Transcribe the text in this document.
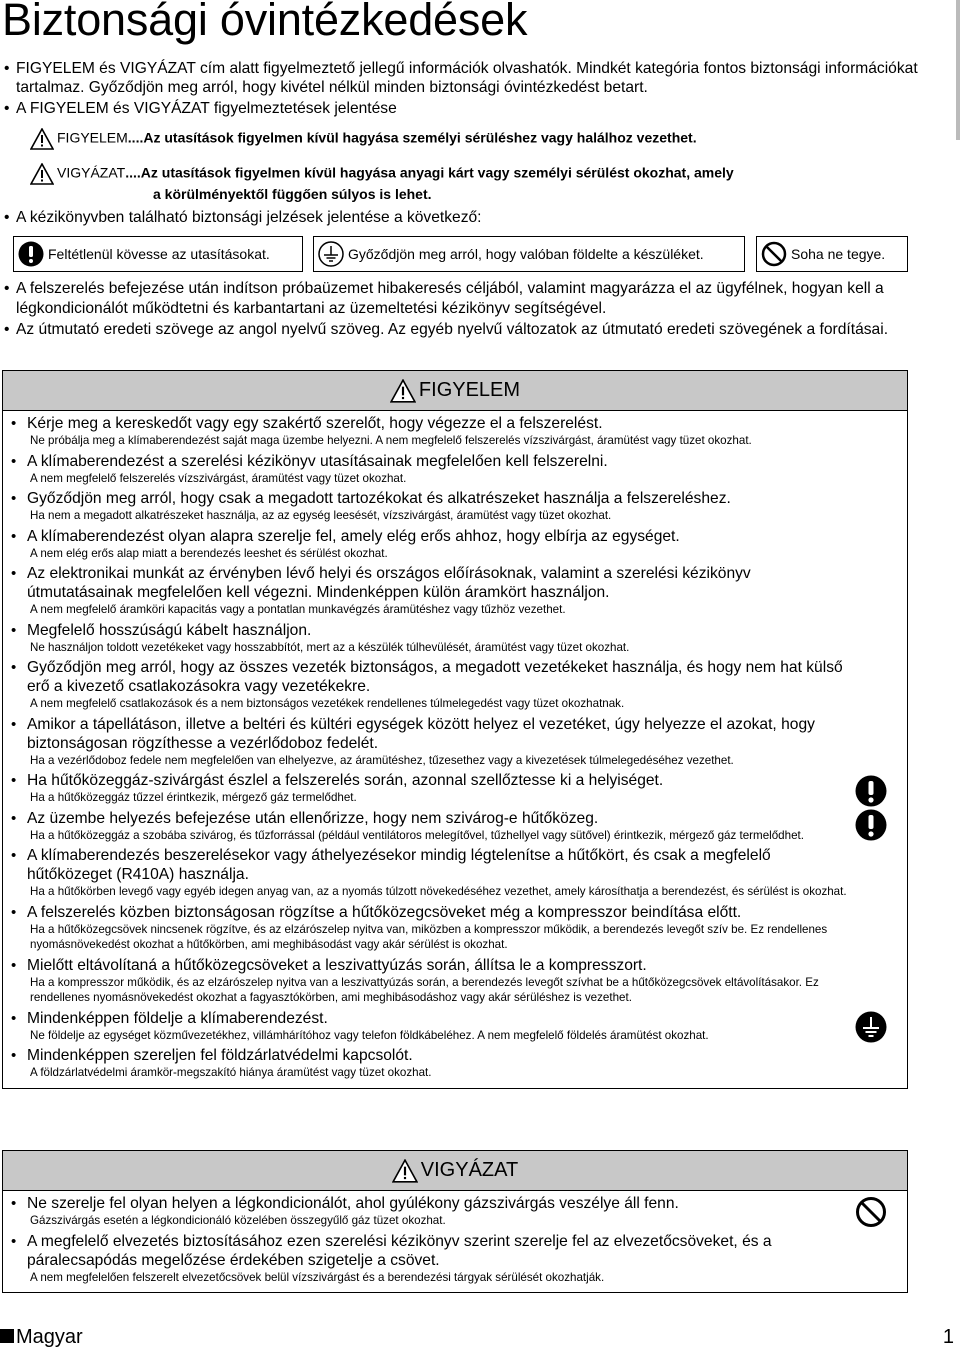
Biztonsági óvintézkedések
• FIGYELEM és VIGYÁZAT cím alatt figyelmeztető jellegű információk olvashatók. Mindkét kategória fontos biztonsági információkat tartalmaz. Győződjön meg arról, hogy kivétel nélkül minden biztonsági óvintézkedést betart.
• A FIGYELEM és VIGYÁZAT figyelmeztetések jelentése
FIGYELEM....Az utasítások figyelmen kívül hagyása személyi sérüléshez vagy halálhoz vezethet.
VIGYÁZAT....Az utasítások figyelmen kívül hagyása anyagi kárt vagy személyi sérülést okozhat, amely
a körülményektől függően súlyos is lehet.
• A kézikönyvben található biztonsági jelzések jelentése a következő:
Feltétlenül kövesse az utasításokat.	Győződjön meg arról, hogy valóban földelte a készüléket.	Soha ne tegye.
• A felszerelés befejezése után indítson próbaüzemet hibakeresés céljából, valamint magyarázza el az ügyfélnek, hogyan kell a légkondicionálót működtetni és karbantartani az üzemeltetési kézikönyv segítségével.
• Az útmutató eredeti szövege az angol nyelvű szöveg. Az egyéb nyelvű változatok az útmutató eredeti szövegének a fordításai.
FIGYELEM
• Kérje meg a kereskedőt vagy egy szakértő szerelőt, hogy végezze el a felszerelést.
Ne próbálja meg a klímaberendezést saját maga üzembe helyezni. A nem megfelelő felszerelés vízszivárgást, áramütést vagy tüzet okozhat.
• A klímaberendezést a szerelési kézikönyv utasításainak megfelelően kell felszerelni.
A nem megfelelő felszerelés vízszivárgást, áramütést vagy tüzet okozhat.
• Győződjön meg arról, hogy csak a megadott tartozékokat és alkatrészeket használja a felszereléshez.
Ha nem a megadott alkatrészeket használja, az az egység leesését, vízszivárgást, áramütést vagy tüzet okozhat.
• A klímaberendezést olyan alapra szerelje fel, amely elég erős ahhoz, hogy elbírja az egységet.
A nem elég erős alap miatt a berendezés leeshet és sérülést okozhat.
• Az elektronikai munkát az érvényben lévő helyi és országos előírásoknak, valamint a szerelési kézikönyv útmutatásainak megfelelően kell végezni. Mindenképpen külön áramkört használjon.
A nem megfelelő áramköri kapacitás vagy a pontatlan munkavégzés áramütéshez vagy tűzhöz vezethet.
• Megfelelő hosszúságú kábelt használjon.
Ne használjon toldott vezetékeket vagy hosszabbítót, mert az a készülék túlhevülését, áramütést vagy tüzet okozhat.
• Győződjön meg arról, hogy az összes vezeték biztonságos, a megadott vezetékeket használja, és hogy nem hat külső erő a kivezető csatlakozásokra vagy vezetékekre.
A nem megfelelő csatlakozások és a nem biztonságos vezetékek rendellenes túlmelegedést vagy tüzet okozhatnak.
• Amikor a tápellátáson, illetve a beltéri és kültéri egységek között helyez el vezetéket, úgy helyezze el azokat, hogy biztonságosan rögzíthesse a vezérlődoboz fedelét.
Ha a vezérlődoboz fedele nem megfelelően van elhelyezve, az áramütéshez, tűzesethez vagy a kivezetések túlmelegedéséhez vezethet.
• Ha hűtőközeggáz-szivárgást észlel a felszerelés során, azonnal szellőztesse ki a helyiséget.
Ha a hűtőközeggáz tűzzel érintkezik, mérgező gáz termelődhet.
• Az üzembe helyezés befejezése után ellenőrizze, hogy nem szivárog-e hűtőközeg.
Ha a hűtőközeggáz a szobába szivárog, és tűzforrással (például ventilátoros melegítővel, tűzhellyel vagy sütővel) érintkezik, mérgező gáz termelődhet.
• A klímaberendezés beszerelésekor vagy áthelyezésekor mindig légtelenítse a hűtőkört, és csak a megfelelő hűtőközeget (R410A) használja.
Ha a hűtőkörben levegő vagy egyéb idegen anyag van, az a nyomás túlzott növekedéséhez vezethet, amely károsíthatja a berendezést, és sérülést is okozhat.
• A felszerelés közben biztonságosan rögzítse a hűtőközegcsöveket még a kompresszor beindítása előtt.
Ha a hűtőközegcsövek nincsenek rögzítve, és az elzárószelep nyitva van, miközben a kompresszor működik, a berendezés levegőt szív be. Ez rendellenes nyomásnövekedést okozhat a hűtőkörben, ami meghibásodást vagy akár sérülést is okozhat.
• Mielőtt eltávolítaná a hűtőközegcsöveket a leszivattyúzás során, állítsa le a kompresszort.
Ha a kompresszor működik, és az elzárószelep nyitva van a leszivattyúzás során, a berendezés levegőt szívhat be a hűtőközegcsövek eltávolításakor. Ez rendellenes nyomásnövekedést okozhat a fagyasztókörben, ami meghibásodáshoz vagy akár sérüléshez is vezethet.
• Mindenképpen földelje a klímaberendezést.
Ne földelje az egységet közművezetékhez, villámhárítóhoz vagy telefon földkábeléhez. A nem megfelelő földelés áramütést okozhat.
• Mindenképpen szereljen fel földzárlatvédelmi kapcsolót.
A földzárlatvédelmi áramkör-megszakító hiánya áramütést vagy tüzet okozhat.
VIGYÁZAT
• Ne szerelje fel olyan helyen a légkondicionálót, ahol gyúlékony gázszivárgás veszélye áll fenn.
Gázszivárgás esetén a légkondicionáló közelében összegyűlő gáz tüzet okozhat.
• A megfelelő elvezetés biztosításához ezen szerelési kézikönyv szerint szerelje fel az elvezetőcsöveket, és a páralecsapódás megelőzése érdekében szigetelje a csövet.
A nem megfelelően felszerelt elvezetőcsövek belül vízszivárgást és a berendezési tárgyak sérülését okozhatják.
Magyar	1
